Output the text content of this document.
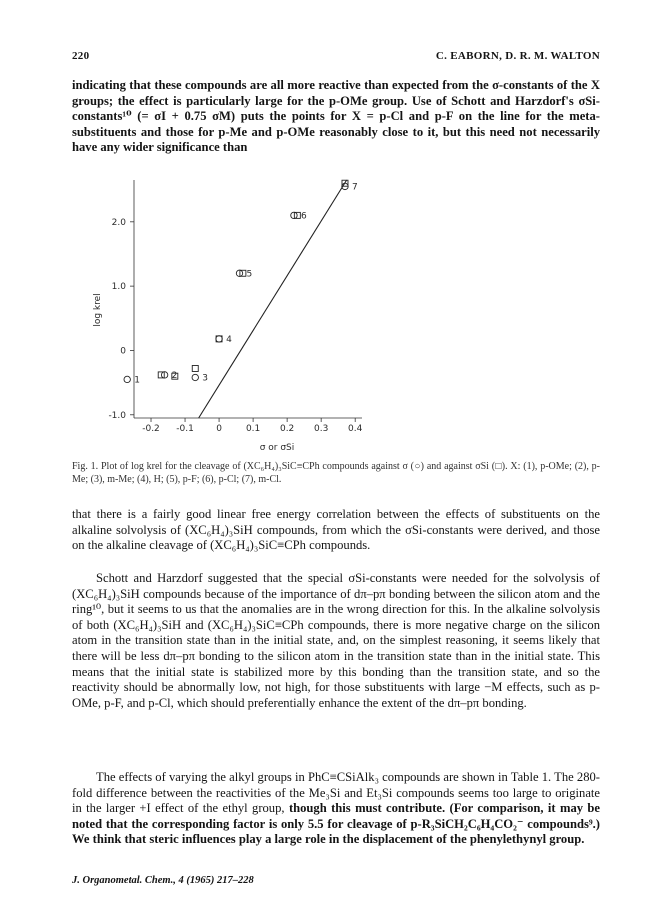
220	C. EABORN, D. R. M. WALTON
indicating that these compounds are all more reactive than expected from the σ-constants of the X groups; the effect is particularly large for the p-OMe group. Use of Schott and Harzdorf's σSi-constants¹⁰ (= σI + 0.75 σM) puts the points for X = p-Cl and p-F on the line for the meta-substituents and those for p-Me and p-OMe reasonably close to it, but this need not necessarily have any wider significance than
-0.2 -0.1 0	0.1 0.2 0.3 0.4
-1.0
0
1.0
2.0
1	2	3
4
5
6
7
log krel
σ or σSi
Fig. 1. Plot of log krel for the cleavage of (XC₆H₄)₃SiC≡CPh compounds against σ (○) and against σSi (□). X: (1), p-OMe; (2), p-Me; (3), m-Me; (4), H; (5), p-F; (6), p-Cl; (7), m-Cl.
that there is a fairly good linear free energy correlation between the effects of substituents on the alkaline solvolysis of (XC₆H₄)₃SiH compounds, from which the σSi-constants were derived, and those on the alkaline cleavage of (XC₆H₄)₃SiC≡CPh compounds.
Schott and Harzdorf suggested that the special σSi-constants were needed for the solvolysis of (XC₆H₄)₃SiH compounds because of the importance of dπ–pπ bonding between the silicon atom and the ring¹⁰, but it seems to us that the anomalies are in the wrong direction for this. In the alkaline solvolysis of both (XC₆H₄)₃SiH and (XC₆H₄)₃SiC≡CPh compounds, there is more negative charge on the silicon atom in the transition state than in the initial state, and, on the simplest reasoning, it seems likely that there will be less dπ–pπ bonding to the silicon atom in the transition state than in the initial state. This means that the initial state is stabilized more by this bonding than the transition state, and so the reactivity should be abnormally low, not high, for those substituents with large −M effects, such as p-OMe, p-F, and p-Cl, which should preferentially enhance the extent of the dπ–pπ bonding.
The effects of varying the alkyl groups in PhC≡CSiAlk₃ compounds are shown in Table 1. The 280-fold difference between the reactivities of the Me₃Si and Et₃Si compounds seems too large to originate in the larger +I effect of the ethyl group, though this must contribute. (For comparison, it may be noted that the corresponding factor is only 5.5 for cleavage of p-R₃SiCH₂C₆H₄CO₂⁻ compounds⁹.) We think that steric influences play a large role in the displacement of the phenylethynyl group.
J. Organometal. Chem., 4 (1965) 217–228
